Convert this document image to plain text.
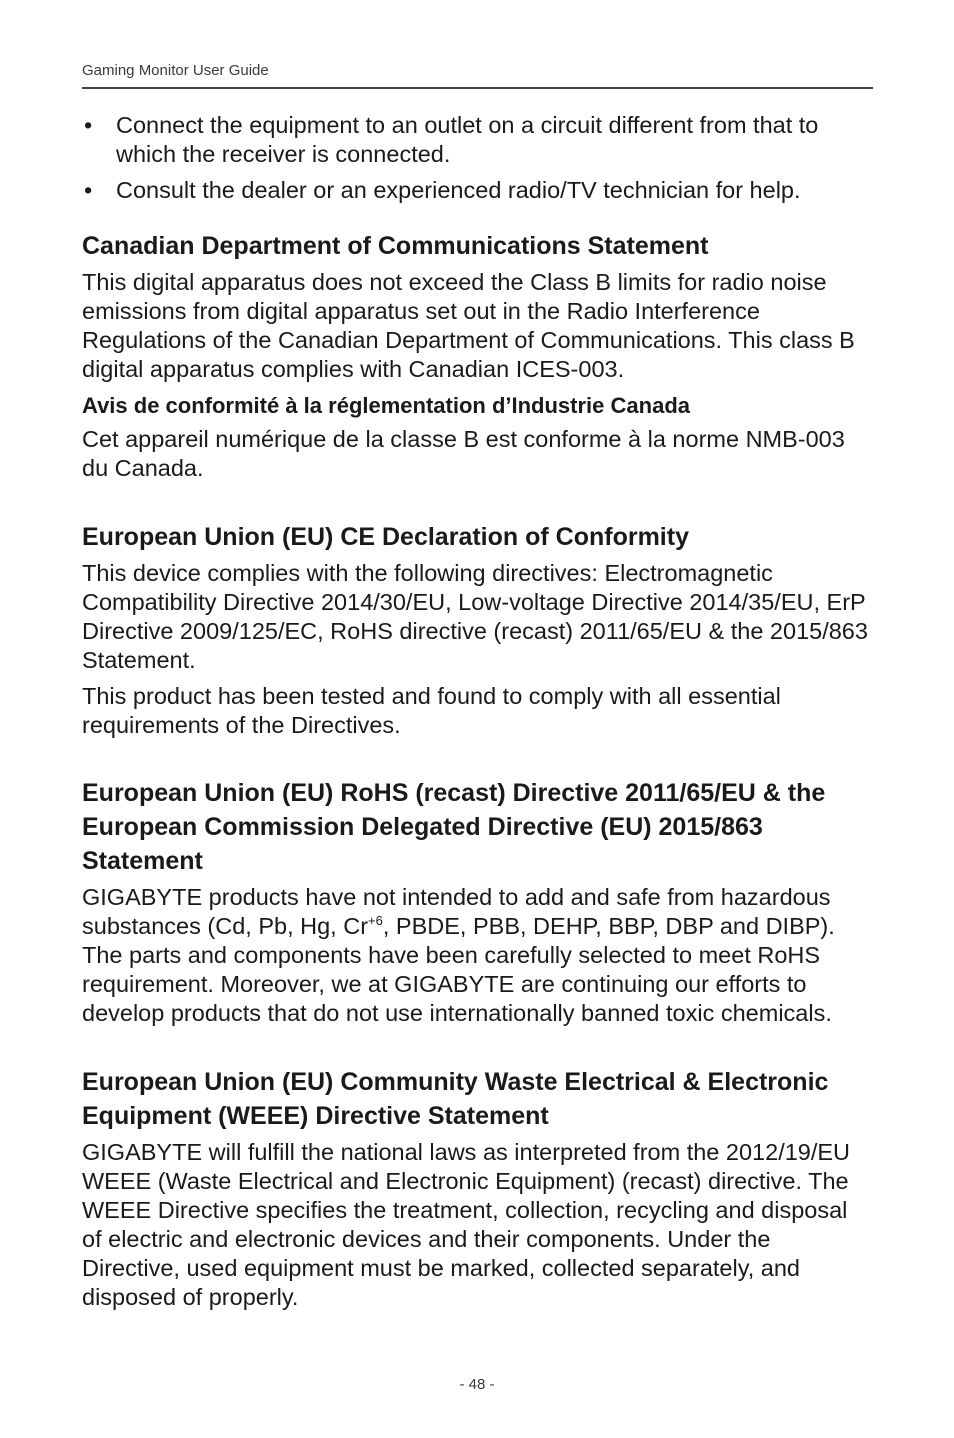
Gaming Monitor User Guide
• Connect the equipment to an outlet on a circuit different from that to which the receiver is connected.
• Consult the dealer or an experienced radio/TV technician for help.
Canadian Department of Communications Statement

This digital apparatus does not exceed the Class B limits for radio noise emissions from digital apparatus set out in the Radio Interference Regulations of the Canadian Department of Communications. This class B digital apparatus complies with Canadian ICES-003.

Avis de conformité à la réglementation d’Industrie Canada

Cet appareil numérique de la classe B est conforme à la norme NMB-003 du Canada.

European Union (EU) CE Declaration of Conformity

This device complies with the following directives: Electromagnetic Compatibility Directive 2014/30/EU, Low-voltage Directive 2014/35/EU, ErP Directive 2009/125/EC, RoHS directive (recast) 2011/65/EU & the 2015/863 Statement.

This product has been tested and found to comply with all essential requirements of the Directives.

European Union (EU) RoHS (recast) Directive 2011/65/EU & the European Commission Delegated Directive (EU) 2015/863 Statement

GIGABYTE products have not intended to add and safe from hazardous substances (Cd, Pb, Hg, $Cr^{+6}$, PBDE, PBB, DEHP, BBP, DBP and DIBP). The parts and components have been carefully selected to meet RoHS requirement. Moreover, we at GIGABYTE are continuing our efforts to develop products that do not use internationally banned toxic chemicals.

European Union (EU) Community Waste Electrical & Electronic Equipment (WEEE) Directive Statement

GIGABYTE will fulfill the national laws as interpreted from the 2012/19/EU WEEE (Waste Electrical and Electronic Equipment) (recast) directive. The WEEE Directive specifies the treatment, collection, recycling and disposal of electric and electronic devices and their components. Under the Directive, used equipment must be marked, collected separately, and disposed of properly.

- 48 -
